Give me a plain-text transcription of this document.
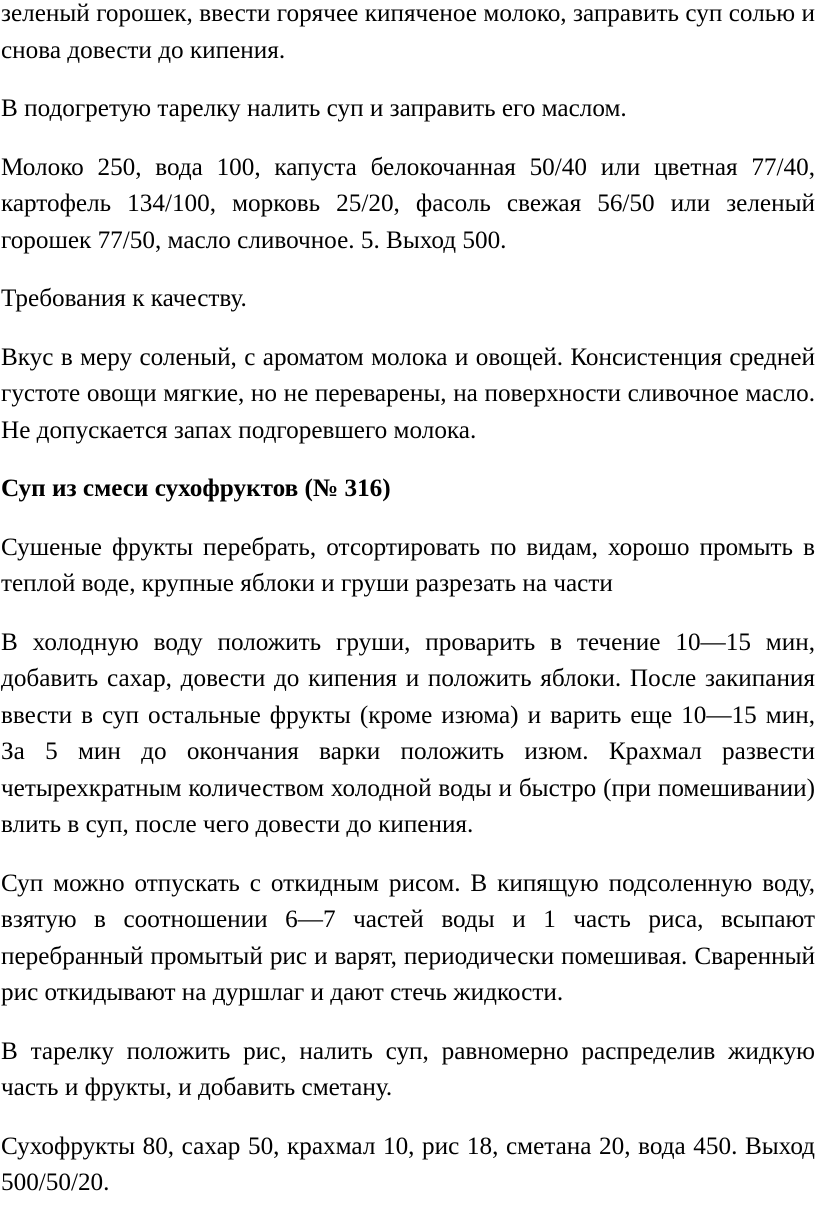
зеленый горошек, ввести горячее кипяченое молоко, заправить суп солью и снова довести до кипения.

В подогретую тарелку налить суп и заправить его маслом.

Молоко 250, вода 100, капуста белокочанная 50/40 или цветная 77/40, картофель 134/100, морковь 25/20, фасоль свежая 56/50 или зеленый горошек 77/50, масло сливочное. 5. Выход 500.

Требования к качеству.

Вкус в меру соленый, с ароматом молока и овощей. Консистенция средней густоте овощи мягкие, но не переварены, на поверхности сливочное масло. Не допускается запах подгоревшего молока.

Суп из смеси сухофруктов (№ 316)

Сушеные фрукты перебрать, отсортировать по видам, хорошо промыть в теплой воде, крупные яблоки и груши разрезать на части

В холодную воду положить груши, проварить в течение 10—15 мин, добавить сахар, довести до кипения и положить яблоки. После закипания ввести в суп остальные фрукты (кроме изюма) и варить еще 10—15 мин, За 5 мин до окончания варки положить изюм. Крахмал развести четырехкратным количеством холодной воды и быстро (при помешивании) влить в суп, после чего довести до кипения.

Суп можно отпускать с откидным рисом. В кипящую подсоленную воду, взятую в соотношении 6—7 частей воды и 1 часть риса, всыпают перебранный промытый рис и варят, периодически помешивая. Сваренный рис откидывают на дуршлаг и дают стечь жидкости.

В тарелку положить рис, налить суп, равномерно распределив жидкую часть и фрукты, и добавить сметану.

Сухофрукты 80, сахар 50, крахмал 10, рис 18, сметана 20, вода 450. Выход 500/50/20.
